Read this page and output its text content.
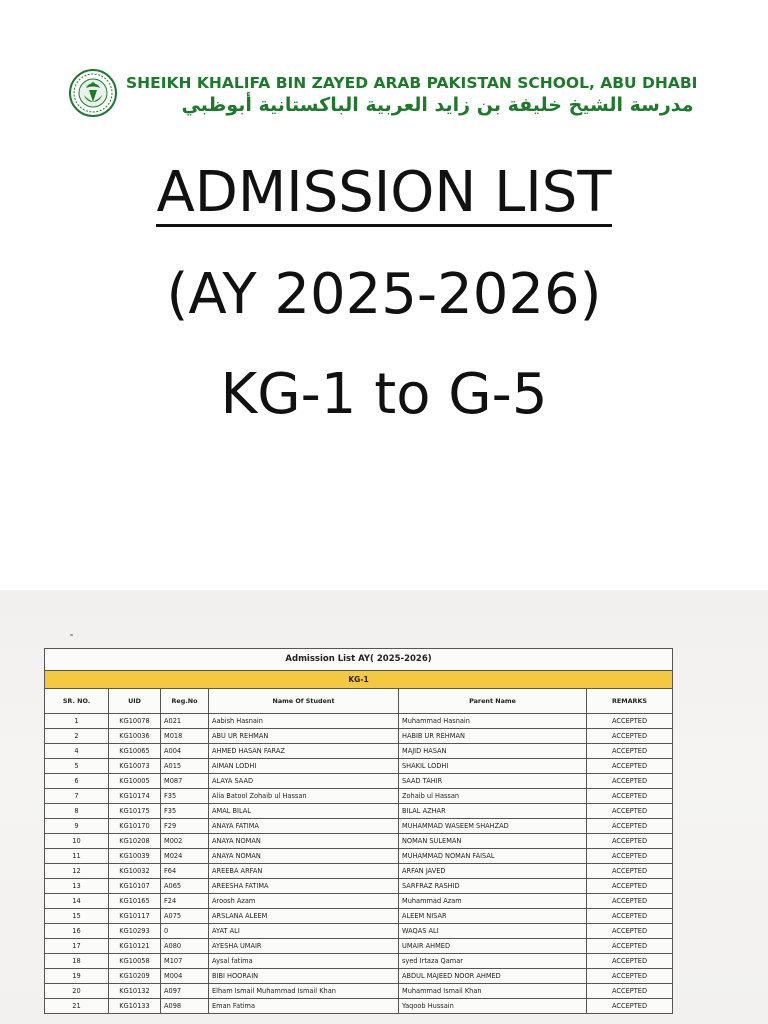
SHEIKH KHALIFA BIN ZAYED ARAB PAKISTAN SCHOOL, ABU DHABI
مدرسة الشيخ خليفة بن زايد العربية الباكستانية أبوظبي
ADMISSION LIST
(AY 2025-2026)
KG-1 to G-5
Admission List AY( 2025-2026)					
KG-1					
SR. NO.	UID	Reg.No	Name Of Student	Parent Name	REMARKS
1	KG10078	A021	Aabish Hasnain	Muhammad Hasnain	ACCEPTED
2	KG10036	M018	ABU UR REHMAN	HABIB UR REHMAN	ACCEPTED
4	KG10065	A004	AHMED HASAN FARAZ	MAJID HASAN	ACCEPTED
5	KG10073	A015	AIMAN LODHI	SHAKIL LODHI	ACCEPTED
6	KG10005	M087	ALAYA SAAD	SAAD TAHIR	ACCEPTED
7	KG10174	F35	Alia Batool Zohaib ul Hassan	Zohaib ul Hassan	ACCEPTED
8	KG10175	F35	AMAL BILAL	BILAL AZHAR	ACCEPTED
9	KG10170	F29	ANAYA FATIMA	MUHAMMAD WASEEM SHAHZAD	ACCEPTED
10	KG10208	M002	ANAYA NOMAN	NOMAN SULEMAN	ACCEPTED
11	KG10039	M024	ANAYA NOMAN	MUHAMMAD NOMAN FAISAL	ACCEPTED
12	KG10032	F64	AREEBA ARFAN	ARFAN JAVED	ACCEPTED
13	KG10107	A065	AREESHA FATIMA	SARFRAZ RASHID	ACCEPTED
14	KG10165	F24	Aroosh Azam	Muhammad Azam	ACCEPTED
15	KG10117	A075	ARSLANA ALEEM	ALEEM NISAR	ACCEPTED
16	KG10293	0	AYAT ALI	WAQAS ALI	ACCEPTED
17	KG10121	A080	AYESHA UMAIR	UMAIR AHMED	ACCEPTED
18	KG10058	M107	Aysal fatima	syed Irtaza Qamar	ACCEPTED
19	KG10209	M004	BIBI HOORAIN	ABDUL MAJEED NOOR AHMED	ACCEPTED
20	KG10132	A097	Elham Ismail Muhammad Ismail Khan	Muhammad Ismail Khan	ACCEPTED
21	KG10133	A098	Eman Fatima	Yaqoob Hussain	ACCEPTED
